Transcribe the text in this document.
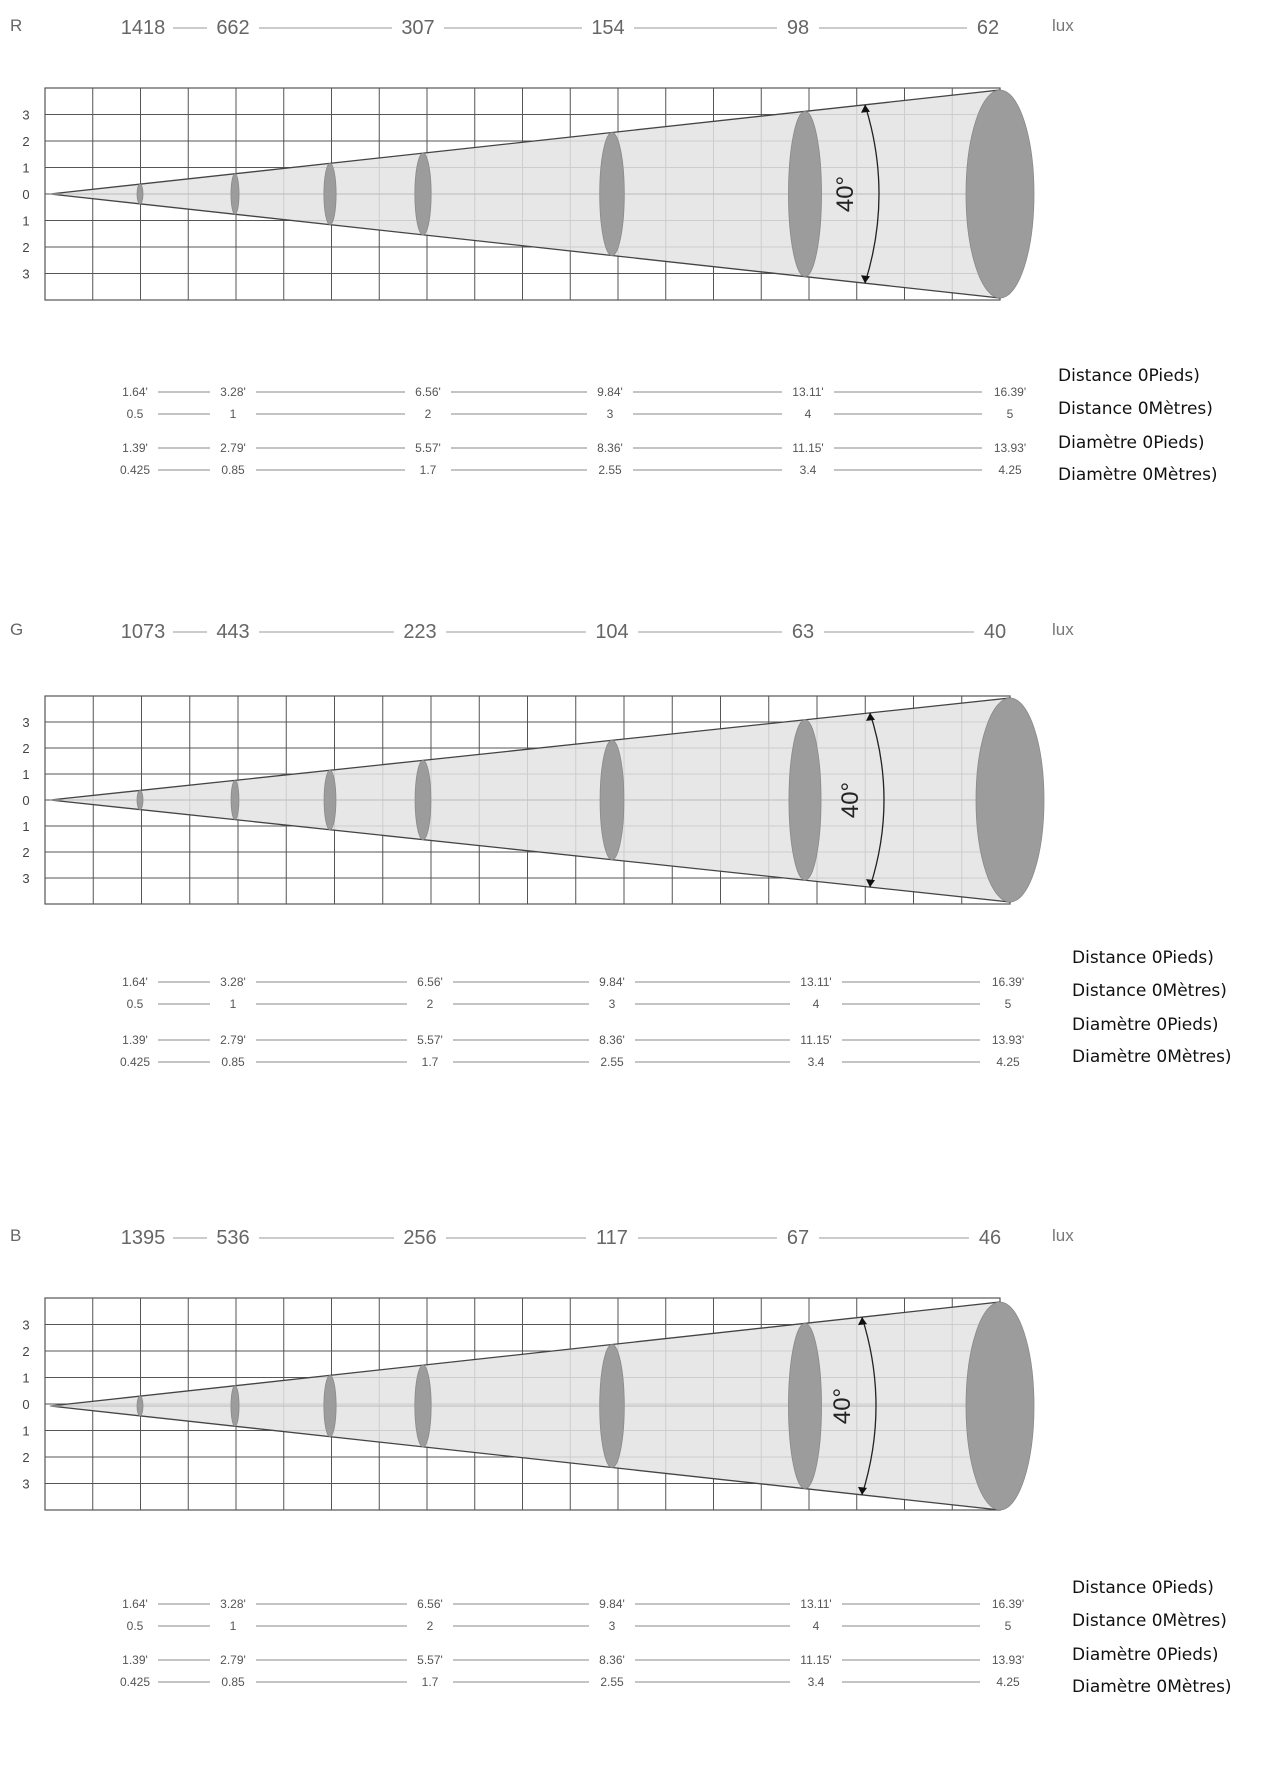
R	lux
1418	662	307	154	98	62
3
2
1
0
1
2
3
40°
1.64'	3.28'	6.56'	9.84'	13.11'	16.39'
0.5	1	2	3	4	5
1.39'	2.79'	5.57'	8.36'	11.15'	13.93'
0.425	0.85	1.7	2.55	3.4	4.25
Distance 0Pieds)
Distance 0Mètres)
Diamètre 0Pieds)
Diamètre 0Mètres)
G	lux
1073	443	223	104	63	40
3
2
1
0
1
2
3
40°
1.64'	3.28'	6.56'	9.84'	13.11'	16.39'
0.5	1	2	3	4	5
1.39'	2.79'	5.57'	8.36'	11.15'	13.93'
0.425	0.85	1.7	2.55	3.4	4.25
Distance 0Pieds)
Distance 0Mètres)
Diamètre 0Pieds)
Diamètre 0Mètres)
B	lux
1395	536	256	117	67	46
3
2
1
0
1
2
3
40°
1.64'	3.28'	6.56'	9.84'	13.11'	16.39'
0.5	1	2	3	4	5
1.39'	2.79'	5.57'	8.36'	11.15'	13.93'
0.425	0.85	1.7	2.55	3.4	4.25
Distance 0Pieds)
Distance 0Mètres)
Diamètre 0Pieds)
Diamètre 0Mètres)
